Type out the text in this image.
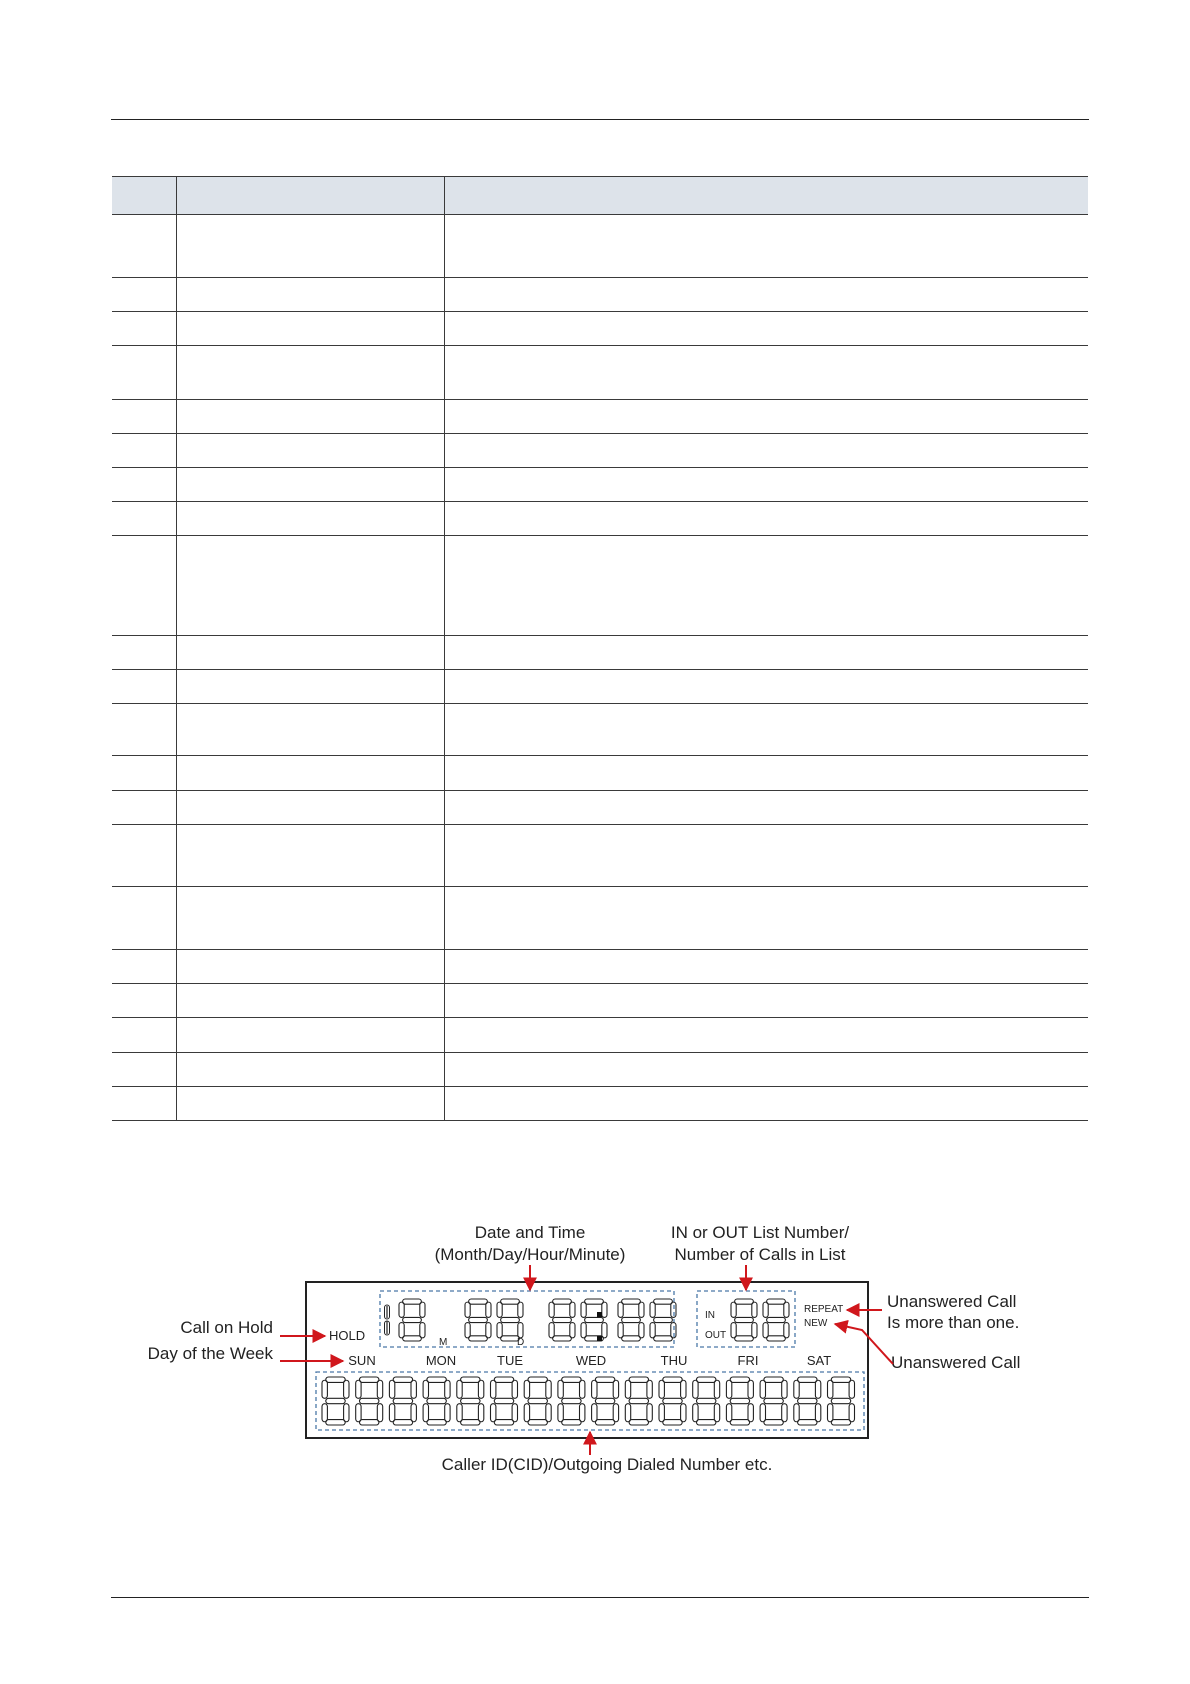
Date and Time
(Month/Day/Hour/Minute)
IN or OUT List Number/
Number of Calls in List
Call on Hold
Day of the Week
Unanswered Call
Is more than one.
Unanswered Call
Caller ID(CID)/Outgoing Dialed Number etc.
HOLD	M	D
IN
OUT
REPEAT
NEW
SUN	MON	TUE	WED	THU	FRI	SAT
